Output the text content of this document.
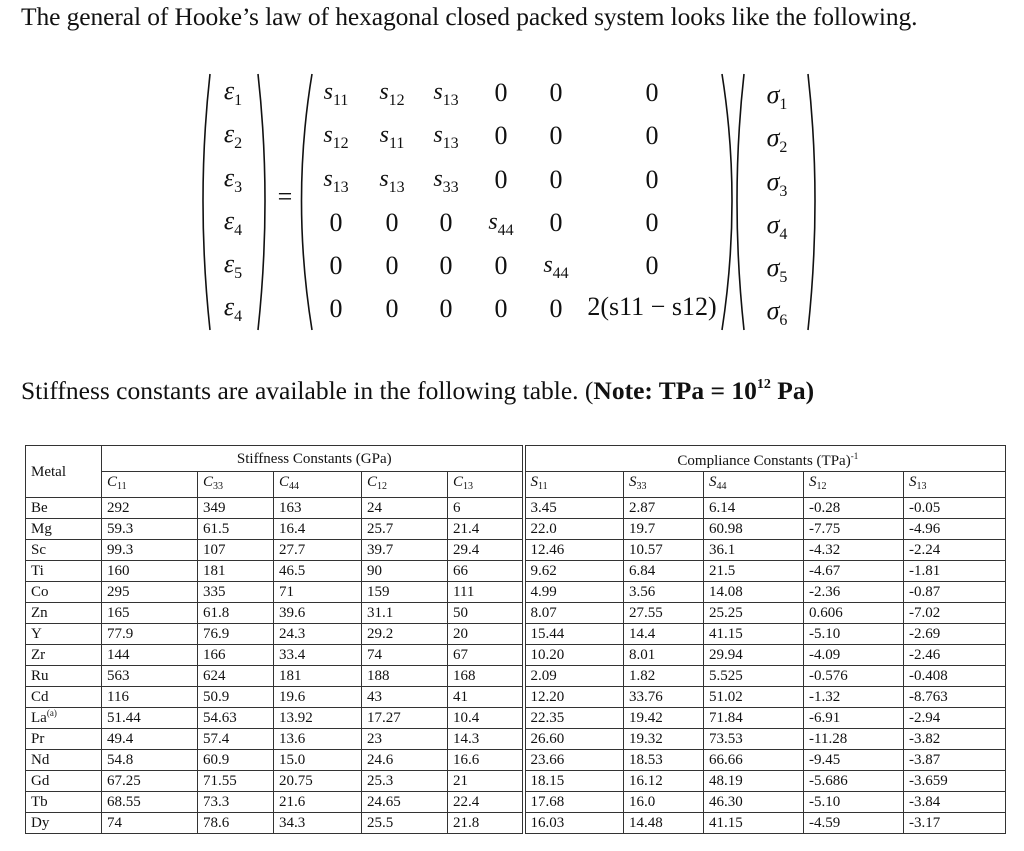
The general of Hooke’s law of hexagonal closed packed system looks like the following.

$\varepsilon_1$
$\varepsilon_2$
$\varepsilon_3$
$\varepsilon_4$
$\varepsilon_5$
$\varepsilon_4$
$\sigma_1$
$\sigma_2$
$\sigma_3$
$\sigma_4$
$\sigma_5$
$\sigma_6$
=
$s_{11}$ $s_{12}$ $s_{13}$ 0 0	0
$s_{12}$ $s_{11}$ $s_{13}$ 0 0	0
$s_{13}$ $s_{13}$ $s_{33}$ 0 0	0
0 0 0 $s_{44}$ 0	0
0 0 0 0 $s_{44}$	0
0 0 0 0 0 2(s11 − s12)

Stiffness constants are available in the following table. (Note: TPa = $10^{12}$ Pa)

Metal	Stiffness Constants (GPa)					Compliance Constants (TPa)$^{-1}$
	$C_{11}$	$C_{33}$	$C_{44}$	$C_{12}$	$C_{13}$	$S_{11}$	$S_{33}$	$S_{44}$	$S_{12}$	$S_{13}$
Be	292	349	163	24	6	3.45	2.87	6.14	-0.28	-0.05
Mg	59.3	61.5	16.4	25.7	21.4	22.0	19.7	60.98	-7.75	-4.96
Sc	99.3	107	27.7	39.7	29.4	12.46	10.57	36.1	-4.32	-2.24
Ti	160	181	46.5	90	66	9.62	6.84	21.5	-4.67	-1.81
Co	295	335	71	159	111	4.99	3.56	14.08	-2.36	-0.87
Zn	165	61.8	39.6	31.1	50	8.07	27.55	25.25	0.606	-7.02
Y	77.9	76.9	24.3	29.2	20	15.44	14.4	41.15	-5.10	-2.69
Zr	144	166	33.4	74	67	10.20	8.01	29.94	-4.09	-2.46
Ru	563	624	181	188	168	2.09	1.82	5.525	-0.576	-0.408
Cd	116	50.9	19.6	43	41	12.20	33.76	51.02	-1.32	-8.763
La$^{(a)}$	51.44	54.63	13.92	17.27	10.4	22.35	19.42	71.84	-6.91	-2.94
Pr	49.4	57.4	13.6	23	14.3	26.60	19.32	73.53	-11.28	-3.82
Nd	54.8	60.9	15.0	24.6	16.6	23.66	18.53	66.66	-9.45	-3.87
Gd	67.25	71.55	20.75	25.3	21	18.15	16.12	48.19	-5.686	-3.659
Tb	68.55	73.3	21.6	24.65	22.4	17.68	16.0	46.30	-5.10	-3.84
Dy	74	78.6	34.3	25.5	21.8	16.03	14.48	41.15	-4.59	-3.17
